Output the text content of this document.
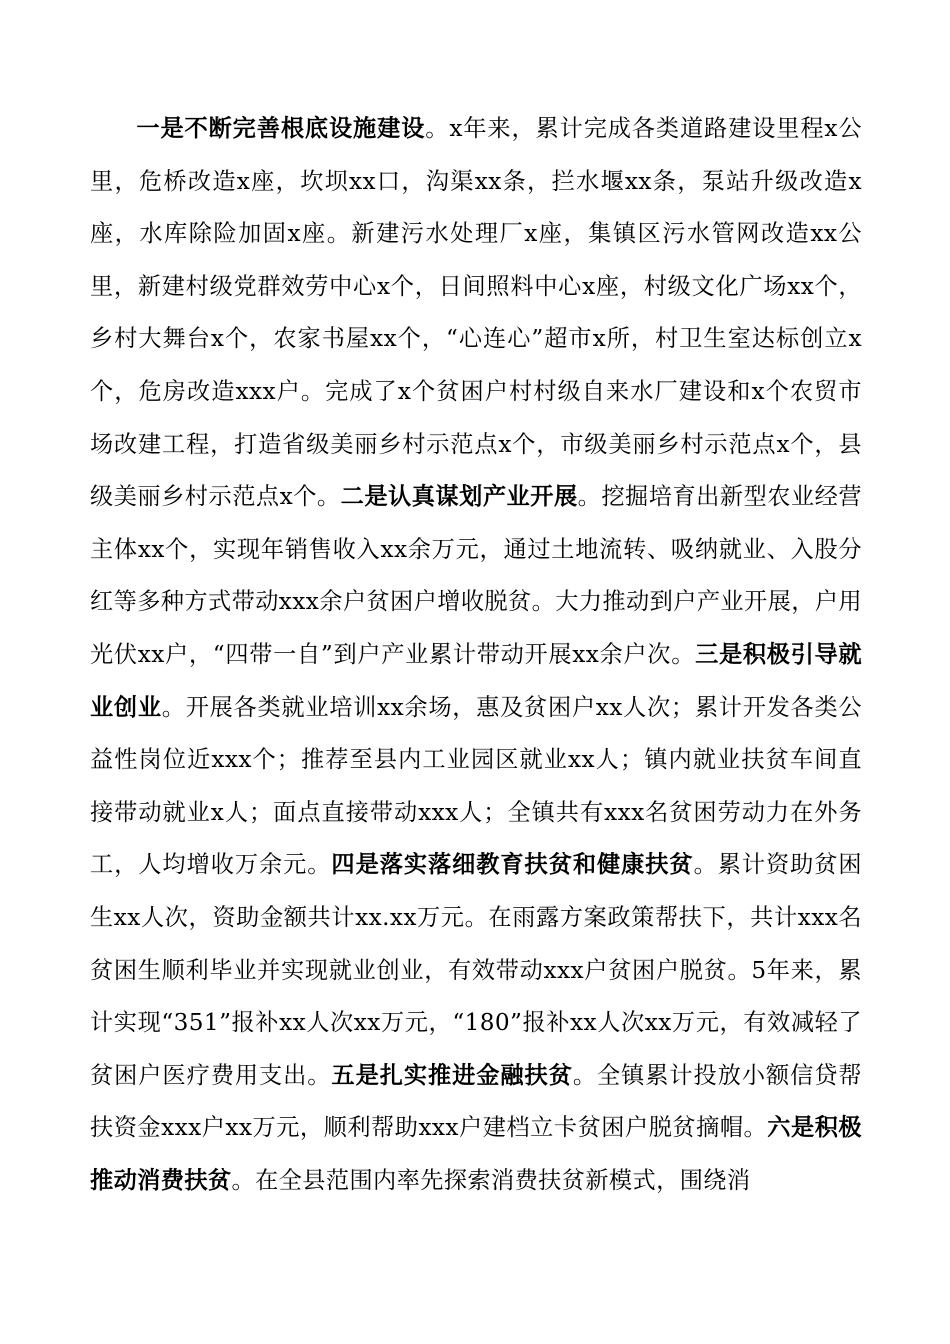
一是不断完善根底设施建设。x年来，累计完成各类道路建设里程x公里，危桥改造x座，坎坝xx口，沟渠xx条，拦水堰xx条，泵站升级改造x座，水库除险加固x座。新建污水处理厂x座，集镇区污水管网改造xx公里，新建村级党群效劳中心x个，日间照料中心x座，村级文化广场xx个，乡村大舞台x个，农家书屋xx个，“心连心”超市x所，村卫生室达标创立x个，危房改造xxx户。完成了x个贫困户村村级自来水厂建设和x个农贸市场改建工程，打造省级美丽乡村示范点x个，市级美丽乡村示范点x个，县级美丽乡村示范点x个。二是认真谋划产业开展。挖掘培育出新型农业经营主体xx个，实现年销售收入xx余万元，通过土地流转、吸纳就业、入股分红等多种方式带动xxx余户贫困户增收脱贫。大力推动到户产业开展，户用光伏xx户，“四带一自”到户产业累计带动开展xx余户次。三是积极引导就业创业。开展各类就业培训xx余场，惠及贫困户xx人次；累计开发各类公益性岗位近xxx个；推荐至县内工业园区就业xx人；镇内就业扶贫车间直接带动就业x人；面点直接带动xxx人；全镇共有xxx名贫困劳动力在外务工，人均增收万余元。四是落实落细教育扶贫和健康扶贫。累计资助贫困生xx人次，资助金额共计xx.xx万元。在雨露方案政策帮扶下，共计xxx名贫困生顺利毕业并实现就业创业，有效带动xxx户贫困户脱贫。5年来，累计实现“351”报补xx人次xx万元，“180”报补xx人次xx万元，有效减轻了贫困户医疗费用支出。五是扎实推进金融扶贫。全镇累计投放小额信贷帮扶资金xxx户xx万元，顺利帮助xxx户建档立卡贫困户脱贫摘帽。六是积极推动消费扶贫。在全县范围内率先探索消费扶贫新模式，围绕消
